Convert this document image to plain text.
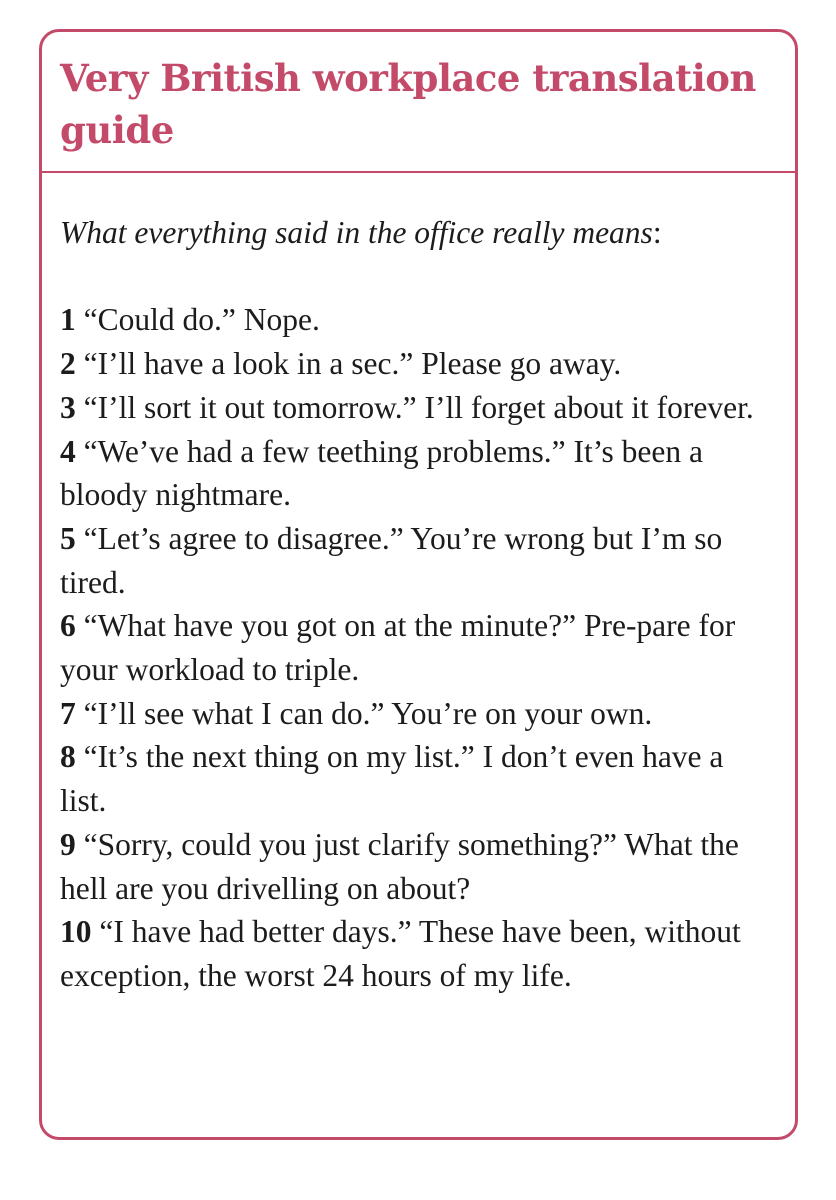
Very British workplace translation guide

What everything said in the office really means:

1 “Could do.” Nope.
2 “I’ll have a look in a sec.” Please go away.
3 “I’ll sort it out tomorrow.” I’ll forget about it forever.
4 “We’ve had a few teething problems.” It’s been a bloody nightmare.
5 “Let’s agree to disagree.” You’re wrong but I’m so tired.
6 “What have you got on at the minute?” Pre-pare for your workload to triple.
7 “I’ll see what I can do.” You’re on your own.
8 “It’s the next thing on my list.” I don’t even have a list.
9 “Sorry, could you just clarify something?” What the hell are you drivelling on about?
10 “I have had better days.” These have been, without exception, the worst 24 hours of my life.
